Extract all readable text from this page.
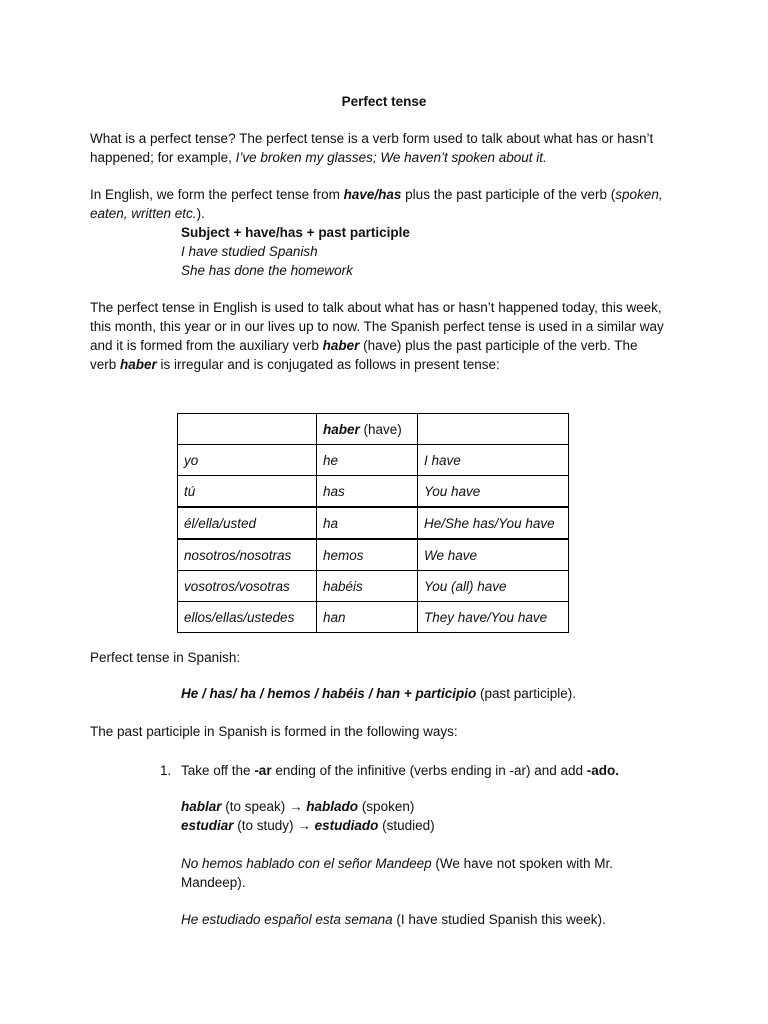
Perfect tense
What is a perfect tense? The perfect tense is a verb form used to talk about what has or hasn’t
happened; for example, I’ve broken my glasses; We haven’t spoken about it.
In English, we form the perfect tense from have/has plus the past participle of the verb (spoken,
eaten, written etc.).
Subject + have/has + past participle
I have studied Spanish
She has done the homework
The perfect tense in English is used to talk about what has or hasn’t happened today, this week,
this month, this year or in our lives up to now. The Spanish perfect tense is used in a similar way
and it is formed from the auxiliary verb haber (have) plus the past participle of the verb. The
verb haber is irregular and is conjugated as follows in present tense:
	haber (have)	
yo	he	I have
tú	has	You have
él/ella/usted	ha	He/She has/You have
nosotros/nosotras	hemos	We have
vosotros/vosotras	habéis	You (all) have
ellos/ellas/ustedes	han	They have/You have
Perfect tense in Spanish:
He / has/ ha / hemos / habéis / han + participio (past participle).
The past participle in Spanish is formed in the following ways:
1. Take off the -ar ending of the infinitive (verbs ending in -ar) and add -ado.
hablar (to speak) → hablado (spoken)
estudiar (to study) → estudiado (studied)
No hemos hablado con el señor Mandeep (We have not spoken with Mr.
Mandeep).
He estudiado español esta semana (I have studied Spanish this week).
